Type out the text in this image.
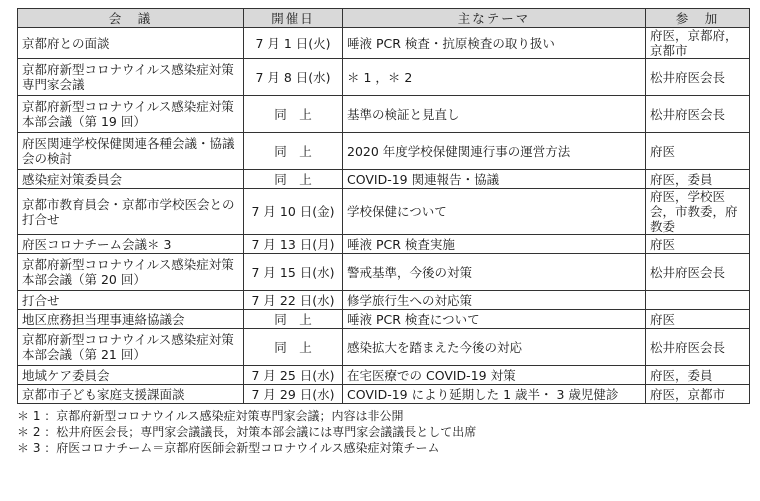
会　議	開催日	主なテーマ	参　加
京都府との面談	7 月 1 日(火)	唾液 PCR 検査・抗原検査の取り扱い	府医，京都府，京都市
京都府新型コロナウイルス感染症対策専門家会議	7 月 8 日(水)	＊ 1 ，＊ 2	松井府医会長
京都府新型コロナウイルス感染症対策本部会議（第 19 回）	同　上	基準の検証と見直し	松井府医会長
府医関連学校保健関連各種会議・協議会の検討	同　上	2020 年度学校保健関連行事の運営方法	府医
感染症対策委員会	同　上	COVID-19 関連報告・協議	府医，委員
京都市教育員会・京都市学校医会との打合せ	7 月 10 日(金)	学校保健について	府医，学校医会，市教委，府教委
府医コロナチーム会議＊ 3	7 月 13 日(月)	唾液 PCR 検査実施	府医
京都府新型コロナウイルス感染症対策本部会議（第 20 回）	7 月 15 日(水)	警戒基準，今後の対策	松井府医会長
打合せ	7 月 22 日(水)	修学旅行生への対応策	
地区庶務担当理事連絡協議会	同　上	唾液 PCR 検査について	府医
京都府新型コロナウイルス感染症対策本部会議（第 21 回）	同　上	感染拡大を踏まえた今後の対応	松井府医会長
地域ケア委員会	7 月 25 日(水)	在宅医療での COVID-19 対策	府医，委員
京都市子ども家庭支援課面談	7 月 29 日(水)	COVID-19 により延期した 1 歳半・ 3 歳児健診	府医，京都市
＊ 1 ：京都府新型コロナウイルス感染症対策専門家会議；内容は非公開
＊ 2 ：松井府医会長；専門家会議議長，対策本部会議には専門家会議議長として出席
＊ 3 ：府医コロナチーム＝京都府医師会新型コロナウイルス感染症対策チーム
